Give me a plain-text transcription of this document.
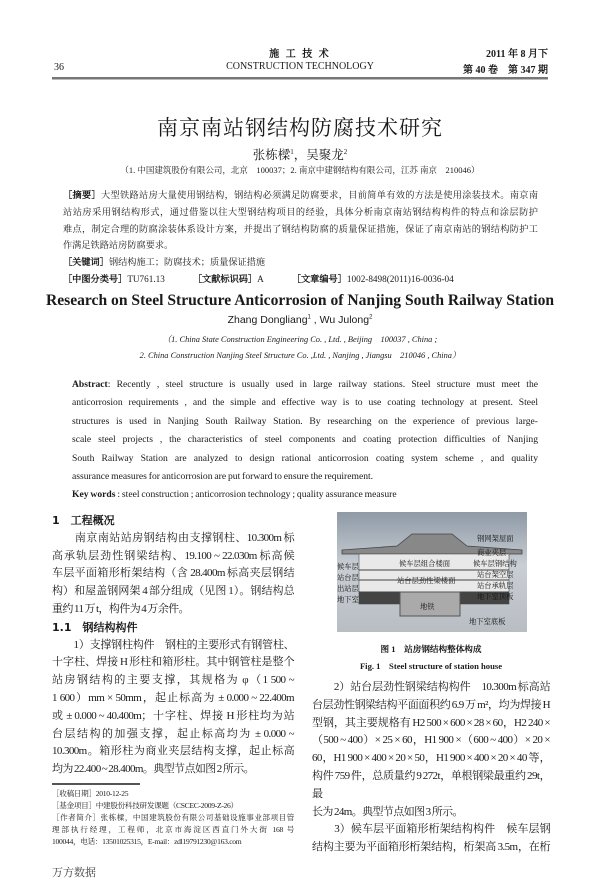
36
施 工 技 术
CONSTRUCTION TECHNOLOGY
2011 年 8 月下
第 40 卷　第 347 期
南京南站钢结构防腐技术研究
张栋樑$^1$，吴聚龙$^2$
（1. 中国建筑股份有限公司，北京　100037；2. 南京中建钢结构有限公司，江苏 南京　210046）
［摘要］大型铁路站房大量使用钢结构，钢结构必须满足防腐要求，目前简单有效的方法是使用涂装技术。南京南
站站房采用钢结构形式，通过借鉴以往大型钢结构项目的经验，具体分析南京南站钢结构构件的特点和涂层防护
难点，制定合理的防腐涂装体系设计方案，并提出了钢结构防腐的质量保证措施，保证了南京南站的钢结构防护工
作满足铁路站房防腐要求。
［关键词］钢结构施工；防腐技术；质量保证措施
［中图分类号］TU761.13	［文献标识码］A	［文章编号］1002-8498(2011)16-0036-04
Research on Steel Structure Anticorrosion of Nanjing South Railway Station
Zhang Dongliang$^1$ , Wu Julong$^2$
（1. China State Construction Engineering Co. , Ltd. , Beijing　100037 , China ;
2. China Construction Nanjing Steel Structure Co. ,Ltd. , Nanjing , Jiangsu　210046 , China）
Abstract: Recently , steel structure is usually used in large railway stations. Steel structure must meet the
anticorrosion requirements , and the simple and effective way is to use coating technology at present. Steel
structures is used in Nanjing South Railway Station. By researching on the experience of previous large-
scale steel projects , the characteristics of steel components and coating protection difficulties of Nanjing
South Railway Station are analyzed to design rational anticorrosion coating system scheme , and quality
assurance measures for anticorrosion are put forward to ensure the requirement.
Key words : steel construction ; anticorrosion technology ; quality assurance measure
1　工程概况
　　南京南站站房钢结构由支撑钢柱、10.300m 标
高承轨层劲性钢梁结构、19.100 ~ 22.030m 标高候
车层平面箱形桁架结构（含 28.400m 标高夹层钢结
构）和屋盖钢网架 4 部分组成（见图 1）。钢结构总
重约 11 万 t，构件为 4 万余件。
1.1　钢结构构件
　　1）支撑钢柱构件　钢柱的主要形式有钢管柱、
十字柱、焊接 H 形柱和箱形柱。其中钢管柱是整个
站房钢结构的主要支撑，其规格为 φ（1 500 ~
1 600）mm × 50mm，起止标高为 ± 0.000 ~ 22.400m
或 ± 0.000 ~ 40.400m；十字柱、焊接 H 形柱均为站
台层结构的加强支撑，起止标高均为 ± 0.000 ~
10.300m。箱形柱为商业夹层结构支撑，起止标高
均为 22.400 ~ 28.400m。典型节点如图 2 所示。
［收稿日期］2010-12-25
［基金项目］中建股份科技研发课题（CSCEC-2009-Z-26）
［作者简介］张栋樑，中国建筑股份有限公司基础设施事业部项目管
理部执行经理，工程师，北京市海淀区西直门外大街 168 号
100044，电话：13501025315，E-mail：zdl19791230@163.com
候车层
站台层
出站层
地下室
候车层组合楼面
站台层劲性梁楼面
地铁
钢网架屋面
商业夹层
候车层钢结构
站台架空层
站台承轨层
地下室顶板
地下室底板
图 1　站房钢结构整体构成
Fig. 1　Steel structure of station house
　　2）站台层劲性钢梁结构构件　10.300m 标高站
台层劲性钢梁结构平面面积约 6.9 万 m²，均为焊接 H
型钢，其主要规格有 H2 500 × 600 × 28 × 60，H2 240 ×
（500 ~ 400）× 25 × 60，H1 900 ×（600 ~ 400）× 20 ×
60，H1 900 × 400 × 20 × 50，H1 900 × 400 × 20 × 40 等，
构件 759 件，总质量约 9 272t，单根钢梁最重约 29t，最
长为 24m。典型节点如图 3 所示。
　　3）候车层平面箱形桁架结构构件　候车层钢
结构主要为平面箱形桁架结构，桁架高 3.5m，在桁
万方数据
